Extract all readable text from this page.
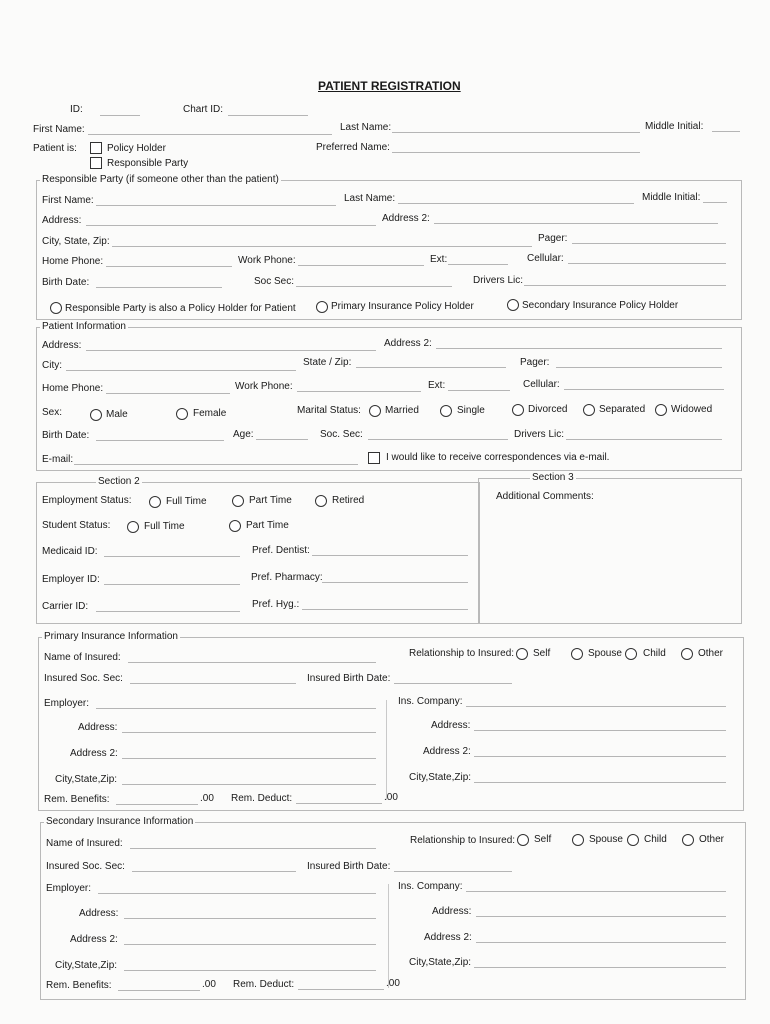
PATIENT REGISTRATION
ID:	Chart ID:
First Name:	Last Name:	Middle Initial:
Patient is:	Policy Holder
Responsible Party
Preferred Name:
Responsible Party (if someone other than the patient)
First Name:	Last Name:	Middle Initial:
Address:	Address 2:
City, State, Zip:	Pager:
Home Phone:	Work Phone:	Ext:	Cellular:
Birth Date:	Soc Sec:	Drivers Lic:
Responsible Party is also a Policy Holder for Patient	Primary Insurance Policy Holder	Secondary Insurance Policy Holder
Patient Information
Address:	Address 2:
City:	State / Zip:	Pager:
Home Phone:	Work Phone:	Ext:	Cellular:
Sex:	Male	Female	Marital Status: Married	Single	Divorced	Separated	Widowed
Birth Date:	Age:	Soc. Sec:	Drivers Lic:
E-mail:	I would like to receive correspondences via e-mail.
Section 2
Employment Status:	Full Time	Part Time	Retired
Student Status:	Full Time	Part Time
Medicaid ID:	Pref. Dentist:
Employer ID:	Pref. Pharmacy:
Carrier ID:	Pref. Hyg.:
Section 3
Additional Comments:
Primary Insurance Information
Name of Insured:	Relationship to Insured: Self	Spouse Child	Other
Insured Soc. Sec:	Insured Birth Date:
Employer:	Ins. Company:
Address:	Address:
Address 2:	Address 2:
City,State,Zip:	City,State,Zip:
Rem. Benefits:	.00 Rem. Deduct:	.00
Secondary Insurance Information
Name of Insured:	Relationship to Insured: Self	Spouse Child	Other
Insured Soc. Sec:	Insured Birth Date:
Employer:	Ins. Company:
Address:	Address:
Address 2:	Address 2:
City,State,Zip:	City,State,Zip:
Rem. Benefits:	.00 Rem. Deduct:	.00
